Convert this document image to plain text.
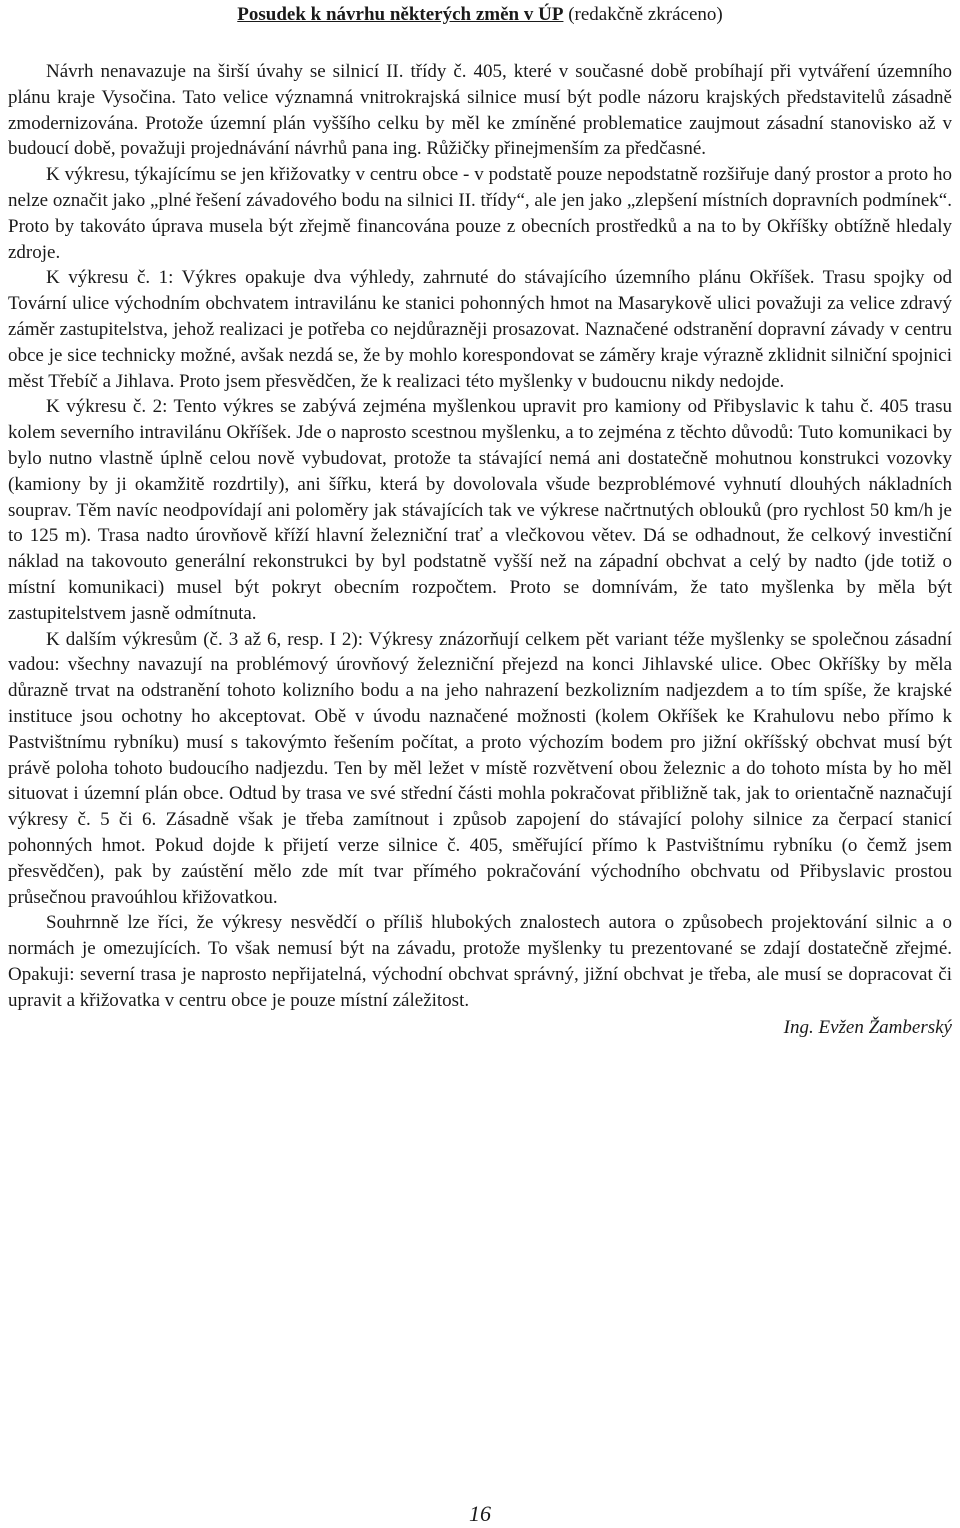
Posudek k návrhu některých změn v ÚP (redakčně zkráceno)

Návrh nenavazuje na širší úvahy se silnicí II. třídy č. 405, které v současné době probíhají při vytváření územního plánu kraje Vysočina. Tato velice významná vnitrokrajská silnice musí být podle názoru krajských představitelů zásadně zmodernizována. Protože územní plán vyššího celku by měl ke zmíněné problematice zaujmout zásadní stanovisko až v budoucí době, považuji projednávání návrhů pana ing. Růžičky přinejmenším za předčasné.

K výkresu, týkajícímu se jen křižovatky v centru obce - v podstatě pouze nepodstatně rozšiřuje daný prostor a proto ho nelze označit jako „plné řešení závadového bodu na silnici II. třídy“, ale jen jako „zlepšení místních dopravních podmínek“. Proto by takováto úprava musela být zřejmě financována pouze z obecních prostředků a na to by Okříšky obtížně hledaly zdroje.

K výkresu č. 1: Výkres opakuje dva výhledy, zahrnuté do stávajícího územního plánu Okříšek. Trasu spojky od Tovární ulice východním obchvatem intravilánu ke stanici pohonných hmot na Masarykově ulici považuji za velice zdravý záměr zastupitelstva, jehož realizaci je potřeba co nejdůrazněji prosazovat. Naznačené odstranění dopravní závady v centru obce je sice technicky možné, avšak nezdá se, že by mohlo korespondovat se záměry kraje výrazně zklidnit silniční spojnici měst Třebíč a Jihlava. Proto jsem přesvědčen, že k realizaci této myšlenky v budoucnu nikdy nedojde.

K výkresu č. 2: Tento výkres se zabývá zejména myšlenkou upravit pro kamiony od Přibyslavic k tahu č. 405 trasu kolem severního intravilánu Okříšek. Jde o naprosto scestnou myšlenku, a to zejména z těchto důvodů: Tuto komunikaci by bylo nutno vlastně úplně celou nově vybudovat, protože ta stávající nemá ani dostatečně mohutnou konstrukci vozovky (kamiony by ji okamžitě rozdrtily), ani šířku, která by dovolovala všude bezproblémové vyhnutí dlouhých nákladních souprav. Těm navíc neodpovídají ani poloměry jak stávajících tak ve výkrese načrtnutých oblouků (pro rychlost 50 km/h je to 125 m). Trasa nadto úrovňově kříží hlavní železniční trať a vlečkovou větev. Dá se odhadnout, že celkový investiční náklad na takovouto generální rekonstrukci by byl podstatně vyšší než na západní obchvat a celý by nadto (jde totiž o místní komunikaci) musel být pokryt obecním rozpočtem. Proto se domnívám, že tato myšlenka by měla být zastupitelstvem jasně odmítnuta.

K dalším výkresům (č. 3 až 6, resp. I 2): Výkresy znázorňují celkem pět variant téže myšlenky se společnou zásadní vadou: všechny navazují na problémový úrovňový železniční přejezd na konci Jihlavské ulice. Obec Okříšky by měla důrazně trvat na odstranění tohoto kolizního bodu a na jeho nahrazení bezkolizním nadjezdem a to tím spíše, že krajské instituce jsou ochotny ho akceptovat. Obě v úvodu naznačené možnosti (kolem Okříšek ke Krahulovu nebo přímo k Pastvištnímu rybníku) musí s takovýmto řešením počítat, a proto výchozím bodem pro jižní okříšský obchvat musí být právě poloha tohoto budoucího nadjezdu. Ten by měl ležet v místě rozvětvení obou železnic a do tohoto místa by ho měl situovat i územní plán obce. Odtud by trasa ve své střední části mohla pokračovat přibližně tak, jak to orientačně naznačují výkresy č. 5 či 6. Zásadně však je třeba zamítnout i způsob zapojení do stávající polohy silnice za čerpací stanicí pohonných hmot. Pokud dojde k přijetí verze silnice č. 405, směřující přímo k Pastvištnímu rybníku (o čemž jsem přesvědčen), pak by zaústění mělo zde mít tvar přímého pokračování východního obchvatu od Přibyslavic prostou průsečnou pravoúhlou křižovatkou.

Souhrnně lze říci, že výkresy nesvědčí o příliš hlubokých znalostech autora o způsobech projektování silnic a o normách je omezujících. To však nemusí být na závadu, protože myšlenky tu prezentované se zdají dostatečně zřejmé. Opakuji: severní trasa je naprosto nepřijatelná, východní obchvat správný, jižní obchvat je třeba, ale musí se dopracovat či upravit a křižovatka v centru obce je pouze místní záležitost.

Ing. Evžen Žamberský

16
